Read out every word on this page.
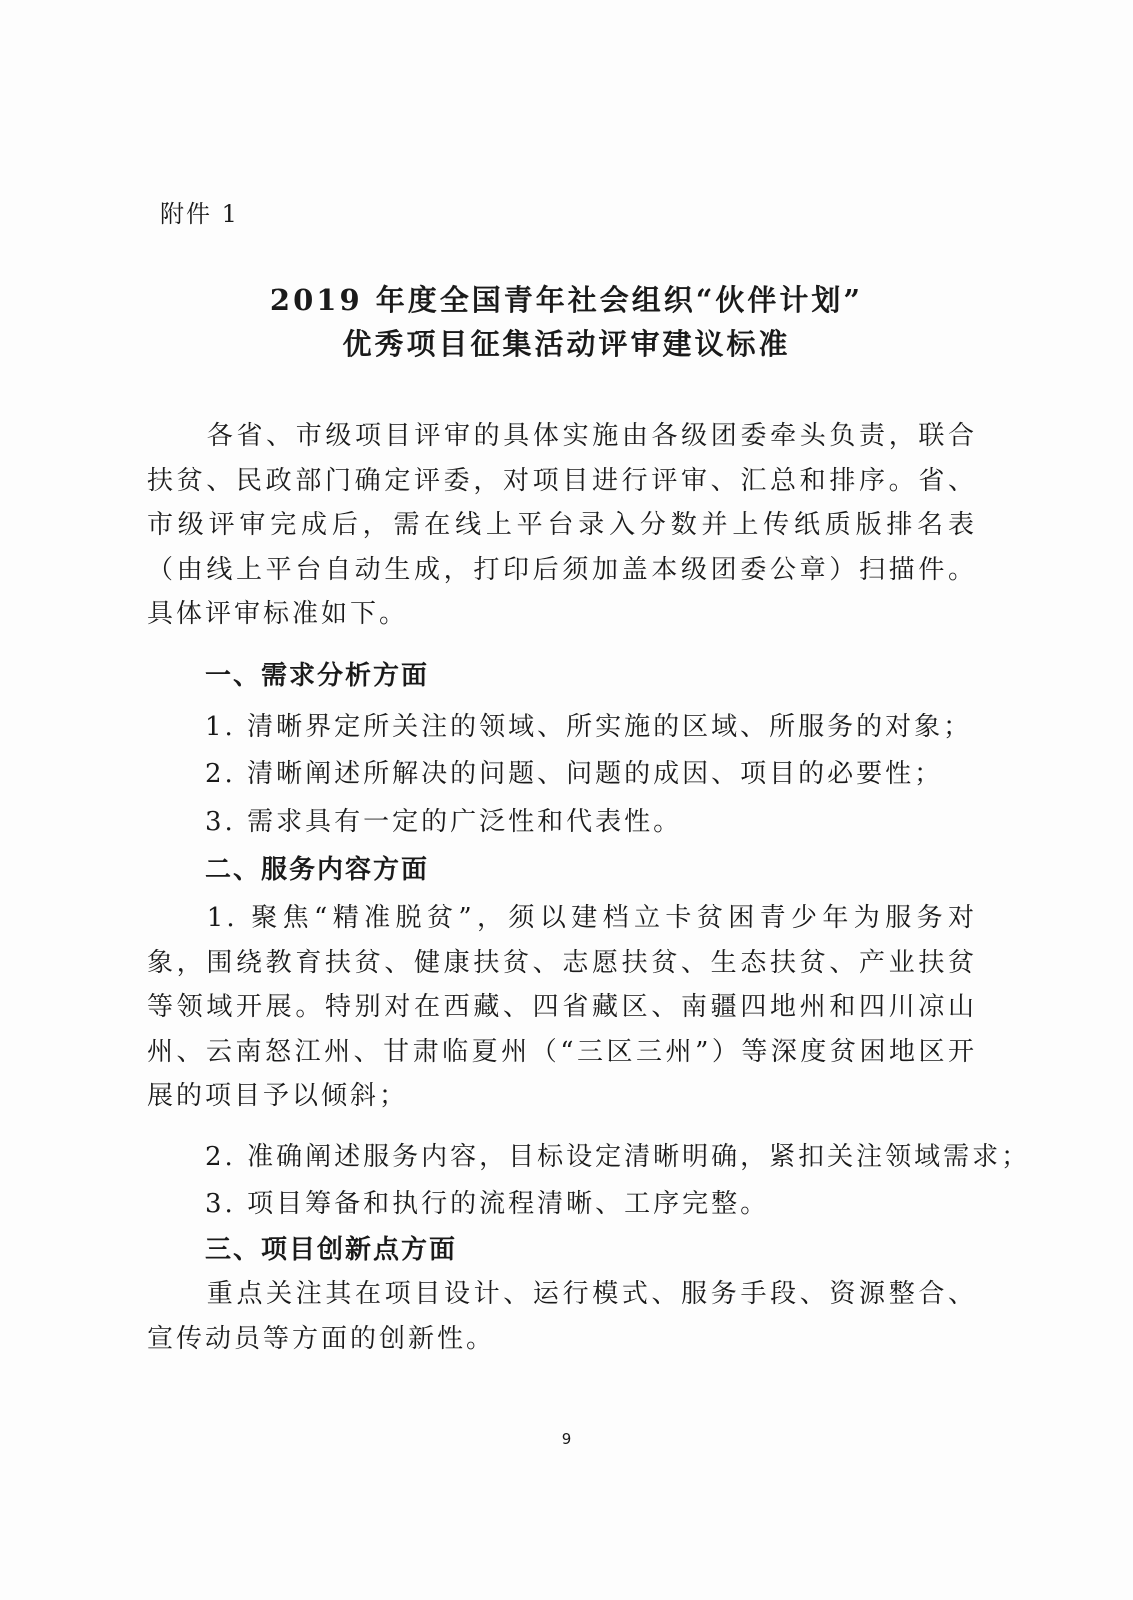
附件 1
2019 年度全国青年社会组织“伙伴计划”
优秀项目征集活动评审建议标准
各省、市级项目评审的具体实施由各级团委牵头负责，联合扶贫、民政部门确定评委，对项目进行评审、汇总和排序。省、市级评审完成后，需在线上平台录入分数并上传纸质版排名表（由线上平台自动生成，打印后须加盖本级团委公章）扫描件。具体评审标准如下。
一、需求分析方面
1. 清晰界定所关注的领域、所实施的区域、所服务的对象；
2. 清晰阐述所解决的问题、问题的成因、项目的必要性；
3. 需求具有一定的广泛性和代表性。
二、服务内容方面
1. 聚焦“精准脱贫”，须以建档立卡贫困青少年为服务对象，围绕教育扶贫、健康扶贫、志愿扶贫、生态扶贫、产业扶贫等领域开展。特别对在西藏、四省藏区、南疆四地州和四川凉山州、云南怒江州、甘肃临夏州（“三区三州”）等深度贫困地区开展的项目予以倾斜；
2. 准确阐述服务内容，目标设定清晰明确，紧扣关注领域需求；
3. 项目筹备和执行的流程清晰、工序完整。
三、项目创新点方面
重点关注其在项目设计、运行模式、服务手段、资源整合、宣传动员等方面的创新性。
9
